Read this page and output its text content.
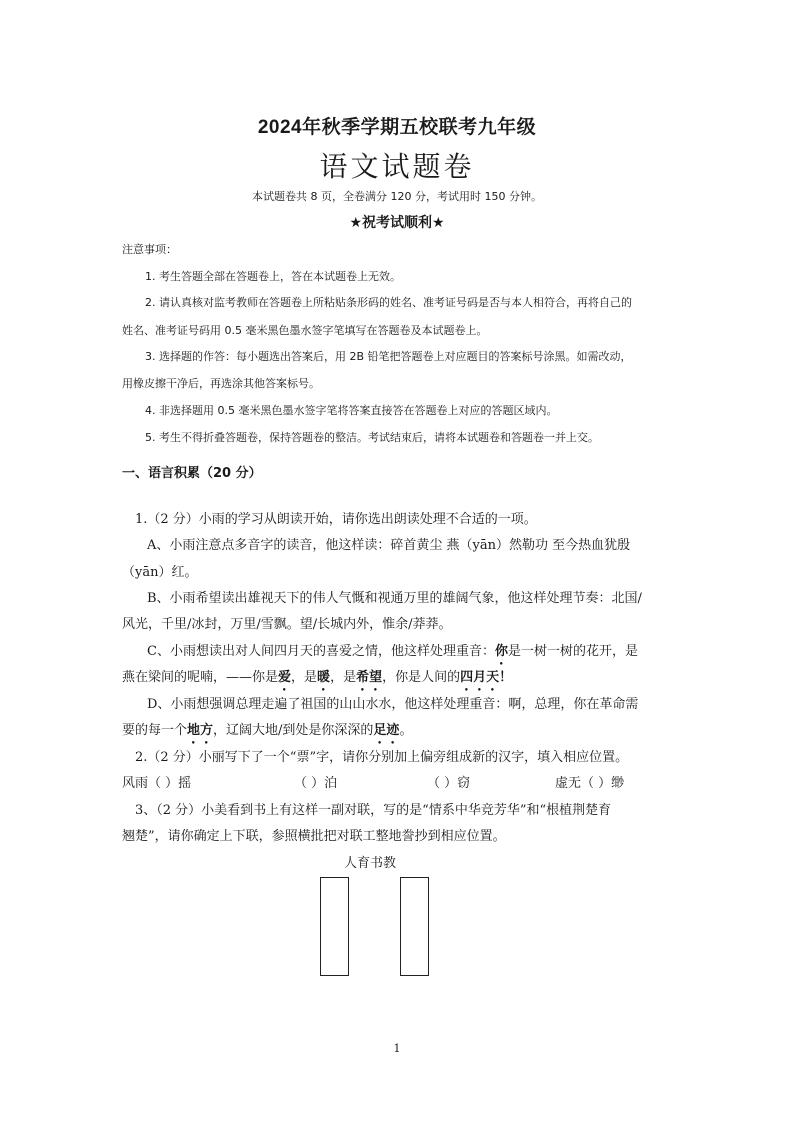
2024年秋季学期五校联考九年级
语文试题卷
本试题卷共 8 页，全卷满分 120 分，考试用时 150 分钟。
★祝考试顺利★
注意事项：
1. 考生答题全部在答题卷上，答在本试题卷上无效。
2. 请认真核对监考教师在答题卷上所粘贴条形码的姓名、准考证号码是否与本人相符合，再将自己的
姓名、准考证号码用 0.5 毫米黑色墨水签字笔填写在答题卷及本试题卷上。
3. 选择题的作答：每小题选出答案后，用 2B 铅笔把答题卷上对应题目的答案标号涂黑。如需改动，
用橡皮擦干净后，再选涂其他答案标号。
4. 非选择题用 0.5 毫米黑色墨水签字笔将答案直接答在答题卷上对应的答题区域内。
5. 考生不得折叠答题卷，保持答题卷的整洁。考试结束后，请将本试题卷和答题卷一并上交。
一、语言积累（20 分）
1.（2 分）小雨的学习从朗读开始，请你选出朗读处理不合适的一项。
A、小雨注意点多音字的读音，他这样读：碎首黄尘 燕（yān）然勒功 至今热血犹殷
（yān）红。
B、小雨希望读出雄视天下的伟人气慨和视通万里的雄阔气象，他这样处理节奏：北国/
风光，千里/冰封，万里/雪飘。望/长城内外，惟余/莽莽。
C、小雨想读出对人间四月天的喜爱之情，他这样处理重音：你是一树一树的花开，是
燕在梁间的呢喃，——你是爱，是暖，是希望，你是人间的四月天！
D、小雨想强调总理走遍了祖国的山山水水，他这样处理重音：啊，总理，你在革命需
要的每一个地方，辽阔大地/到处是你深深的足迹。
2.（2 分）小丽写下了一个“票”字，请你分别加上偏旁组成新的汉字，填入相应位置。
风雨（ ）摇	（ ）泊	（ ）窃	虚无（ ）缈
3、（2 分）小美看到书上有这样一副对联，写的是“情系中华竞芳华”和“根植荆楚育
翘楚”，请你确定上下联，参照横批把对联工整地誊抄到相应位置。
人育书教
1
